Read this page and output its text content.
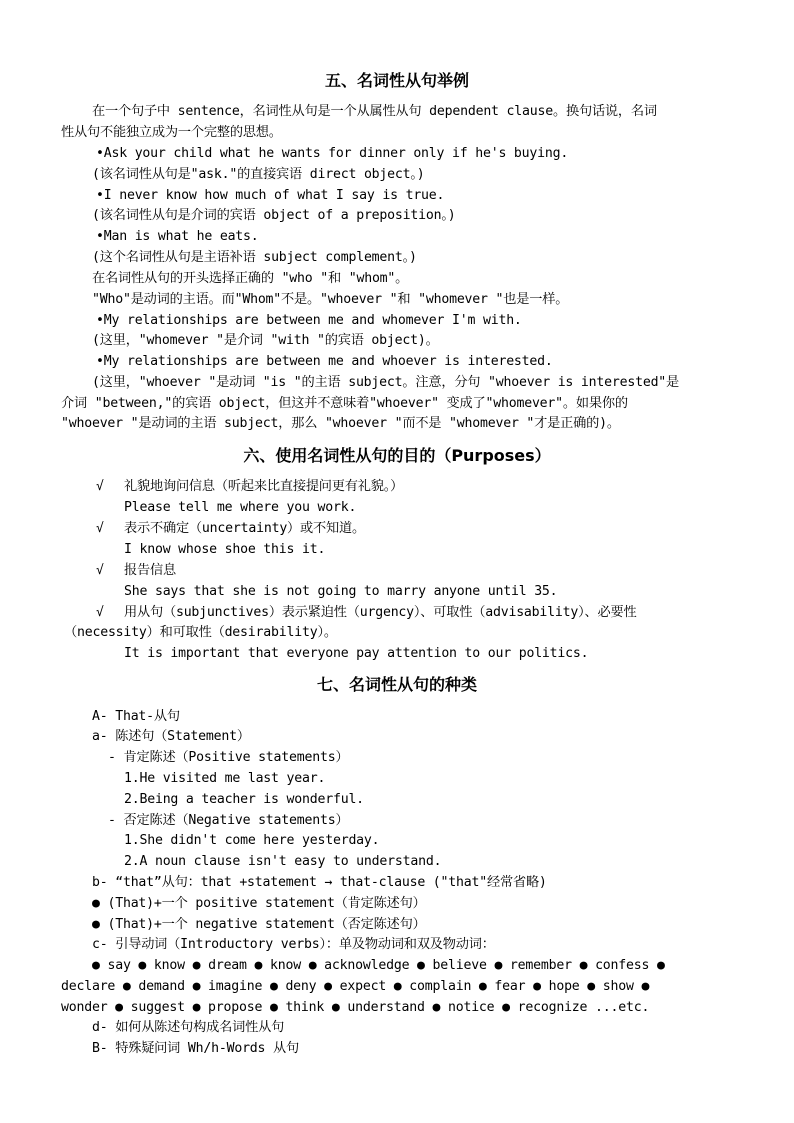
五、名词性从句举例
在一个句子中 sentence，名词性从句是一个从属性从句 dependent clause。换句话说，名词
性从句不能独立成为一个完整的思想。
•Ask your child what he wants for dinner only if he's buying.
(该名词性从句是"ask."的直接宾语 direct object。)
•I never know how much of what I say is true.
(该名词性从句是介词的宾语 object of a preposition。)
•Man is what he eats.
(这个名词性从句是主语补语 subject complement。)
在名词性从句的开头选择正确的 "who "和 "whom"。
"Who"是动词的主语。而"Whom"不是。"whoever "和 "whomever "也是一样。
•My relationships are between me and whomever I'm with.
(这里，"whomever "是介词 "with "的宾语 object)。
•My relationships are between me and whoever is interested.
(这里，"whoever "是动词 "is "的主语 subject。注意，分句 "whoever is interested"是
介词 "between,"的宾语 object，但这并不意味着"whoever" 变成了"whomever"。如果你的
"whoever "是动词的主语 subject，那么 "whoever "而不是 "whomever "才是正确的)。
六、使用名词性从句的目的（Purposes）
√ 礼貌地询问信息（听起来比直接提问更有礼貌。）
Please tell me where you work.
√ 表示不确定（uncertainty）或不知道。
I know whose shoe this it.
√ 报告信息
She says that she is not going to marry anyone until 35.
√ 用从句（subjunctives）表示紧迫性（urgency）、可取性（advisability）、必要性
（necessity）和可取性（desirability）。
It is important that everyone pay attention to our politics.
七、名词性从句的种类
A- That-从句
a- 陈述句（Statement）
- 肯定陈述（Positive statements）
1.He visited me last year.
2.Being a teacher is wonderful.
- 否定陈述（Negative statements）
1.She didn't come here yesterday.
2.A noun clause isn't easy to understand.
b- “that”从句：that +statement → that-clause ("that"经常省略)
● (That)+一个 positive statement（肯定陈述句）
● (That)+一个 negative statement（否定陈述句）
c- 引导动词（Introductory verbs）：单及物动词和双及物动词：
● say ● know ● dream ● know ● acknowledge ● believe ● remember ● confess ●
declare ● demand ● imagine ● deny ● expect ● complain ● fear ● hope ● show ●
wonder ● suggest ● propose ● think ● understand ● notice ● recognize ...etc.
d- 如何从陈述句构成名词性从句
B- 特殊疑问词 Wh/h-Words 从句
